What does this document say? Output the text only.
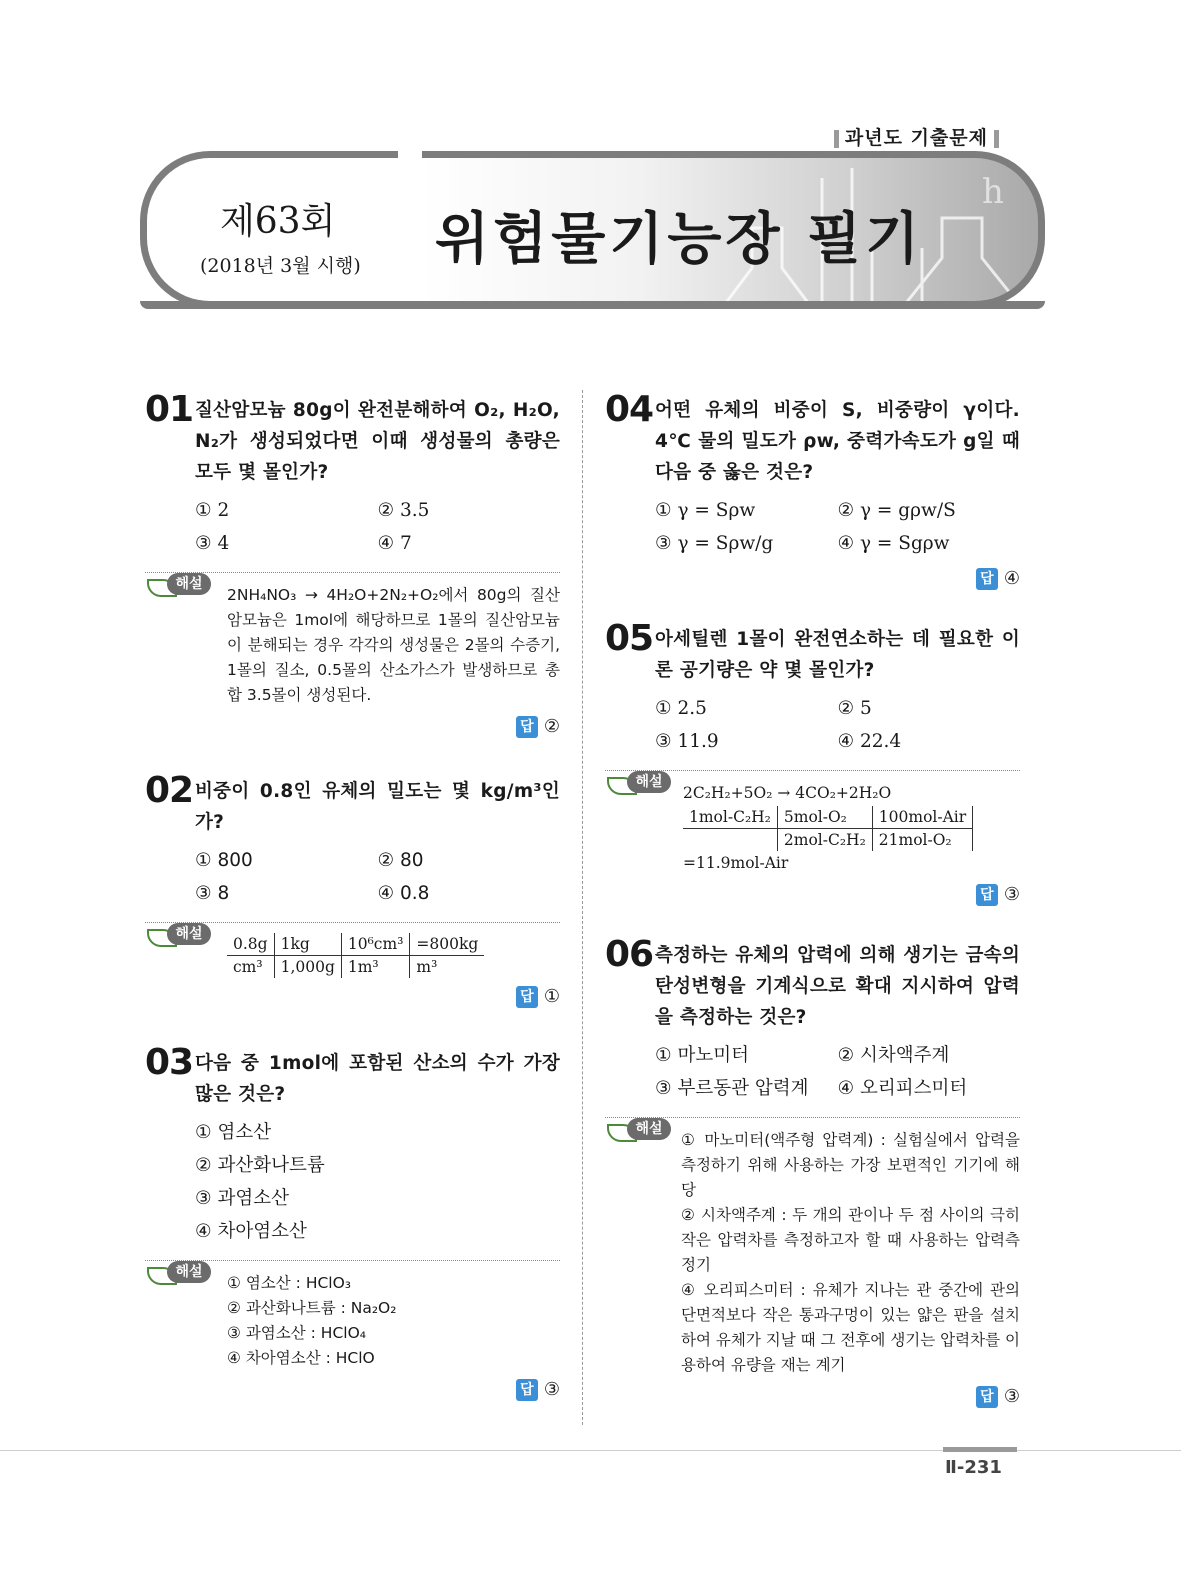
과년도 기출문제
h
제63회
(2018년 3월 시행) 위험물기능장 필기
01 질산암모늄 80g이 완전분해하여 O₂, H₂O, N₂가 생성되었다면 이때 생성물의 총량은 모두 몇 몰인가?
① 2	② 3.5
③ 4	④ 7
해설
2NH₄NO₃ → 4H₂O+2N₂+O₂에서 80g의 질산암모늄은 1mol에 해당하므로 1몰의 질산암모늄이 분해되는 경우 각각의 생성물은 2몰의 수증기, 1몰의 질소, 0.5몰의 산소가스가 발생하므로 총합 3.5몰이 생성된다.
답 ②
02 비중이 0.8인 유체의 밀도는 몇 kg/m³인가?
① 800	② 80
③ 8	④ 0.8
해설
0.8g	1kg	10⁶cm³	=800kg
cm³	1,000g	1m³	m³
답 ①
03 다음 중 1mol에 포함된 산소의 수가 가장 많은 것은?
① 염소산
② 과산화나트륨
③ 과염소산
④ 차아염소산
해설
① 염소산 : HClO₃
② 과산화나트륨 : Na₂O₂
③ 과염소산 : HClO₄
④ 차아염소산 : HClO
답 ③
04 어떤 유체의 비중이 S, 비중량이 γ이다. 4℃ 물의 밀도가 ρw, 중력가속도가 g일 때 다음 중 옳은 것은?
① γ = Sρw	② γ = gρw/S
③ γ = Sρw/g	④ γ = Sgρw
답 ④
05 아세틸렌 1몰이 완전연소하는 데 필요한 이론 공기량은 약 몇 몰인가?
① 2.5	② 5
③ 11.9	④ 22.4
해설
2C₂H₂+5O₂ → 4CO₂+2H₂O
1mol-C₂H₂	5mol-O₂	100mol-Air
	2mol-C₂H₂	21mol-O₂
=11.9mol-Air
답 ③
06 측정하는 유체의 압력에 의해 생기는 금속의 탄성변형을 기계식으로 확대 지시하여 압력을 측정하는 것은?
① 마노미터	② 시차액주계
③ 부르동관 압력계	④ 오리피스미터
해설
① 마노미터(액주형 압력계) : 실험실에서 압력을 측정하기 위해 사용하는 가장 보편적인 기기에 해당
② 시차액주계 : 두 개의 관이나 두 점 사이의 극히 작은 압력차를 측정하고자 할 때 사용하는 압력측정기
④ 오리피스미터 : 유체가 지나는 관 중간에 관의 단면적보다 작은 통과구멍이 있는 얇은 판을 설치하여 유체가 지날 때 그 전후에 생기는 압력차를 이용하여 유량을 재는 계기
답 ③
Ⅱ-231
